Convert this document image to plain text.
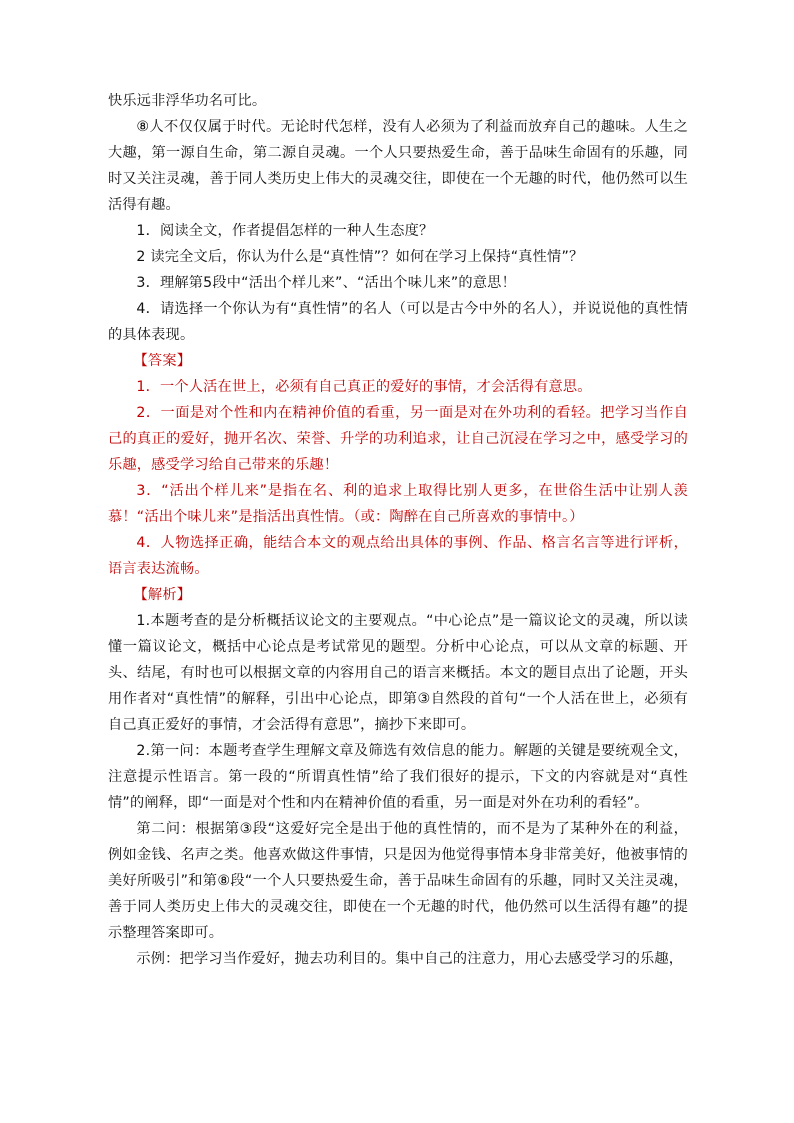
快乐远非浮华功名可比。

⑧人不仅仅属于时代。无论时代怎样，没有人必须为了利益而放弃自己的趣味。人生之大趣，第一源自生命，第二源自灵魂。一个人只要热爱生命，善于品味生命固有的乐趣，同时又关注灵魂，善于同人类历史上伟大的灵魂交往，即使在一个无趣的时代，他仍然可以生活得有趣。

1．阅读全文，作者提倡怎样的一种人生态度？

2 读完全文后，你认为什么是“真性情”？如何在学习上保持“真性情”？

3．理解第5段中“活出个样儿来”、“活出个味儿来”的意思！

4．请选择一个你认为有“真性情”的名人（可以是古今中外的名人），并说说他的真性情的具体表现。

【答案】

1．一个人活在世上，必须有自己真正的爱好的事情，才会活得有意思。

2．一面是对个性和内在精神价值的看重，另一面是对在外功利的看轻。把学习当作自己的真正的爱好，抛开名次、荣誉、升学的功利追求，让自己沉浸在学习之中，感受学习的乐趣，感受学习给自己带来的乐趣！

3．“活出个样儿来”是指在名、利的追求上取得比别人更多，在世俗生活中让别人羡慕！“活出个味儿来”是指活出真性情。（或：陶醉在自己所喜欢的事情中。）

4．人物选择正确，能结合本文的观点给出具体的事例、作品、格言名言等进行评析，语言表达流畅。

【解析】

1.本题考查的是分析概括议论文的主要观点。“中心论点”是一篇议论文的灵魂，所以读懂一篇议论文，概括中心论点是考试常见的题型。分析中心论点，可以从文章的标题、开头、结尾，有时也可以根据文章的内容用自己的语言来概括。本文的题目点出了论题，开头用作者对“真性情”的解释，引出中心论点，即第③自然段的首句“一个人活在世上，必须有自己真正爱好的事情，才会活得有意思”，摘抄下来即可。

2.第一问：本题考查学生理解文章及筛选有效信息的能力。解题的关键是要统观全文，注意提示性语言。第一段的“所谓真性情”给了我们很好的提示，下文的内容就是对“真性情”的阐释，即“一面是对个性和内在精神价值的看重，另一面是对外在功利的看轻”。

第二问：根据第③段“这爱好完全是出于他的真性情的，而不是为了某种外在的利益，例如金钱、名声之类。他喜欢做这件事情，只是因为他觉得事情本身非常美好，他被事情的美好所吸引”和第⑧段“一个人只要热爱生命，善于品味生命固有的乐趣，同时又关注灵魂，善于同人类历史上伟大的灵魂交往，即使在一个无趣的时代，他仍然可以生活得有趣”的提示整理答案即可。

示例：把学习当作爱好，抛去功利目的。集中自己的注意力，用心去感受学习的乐趣，
